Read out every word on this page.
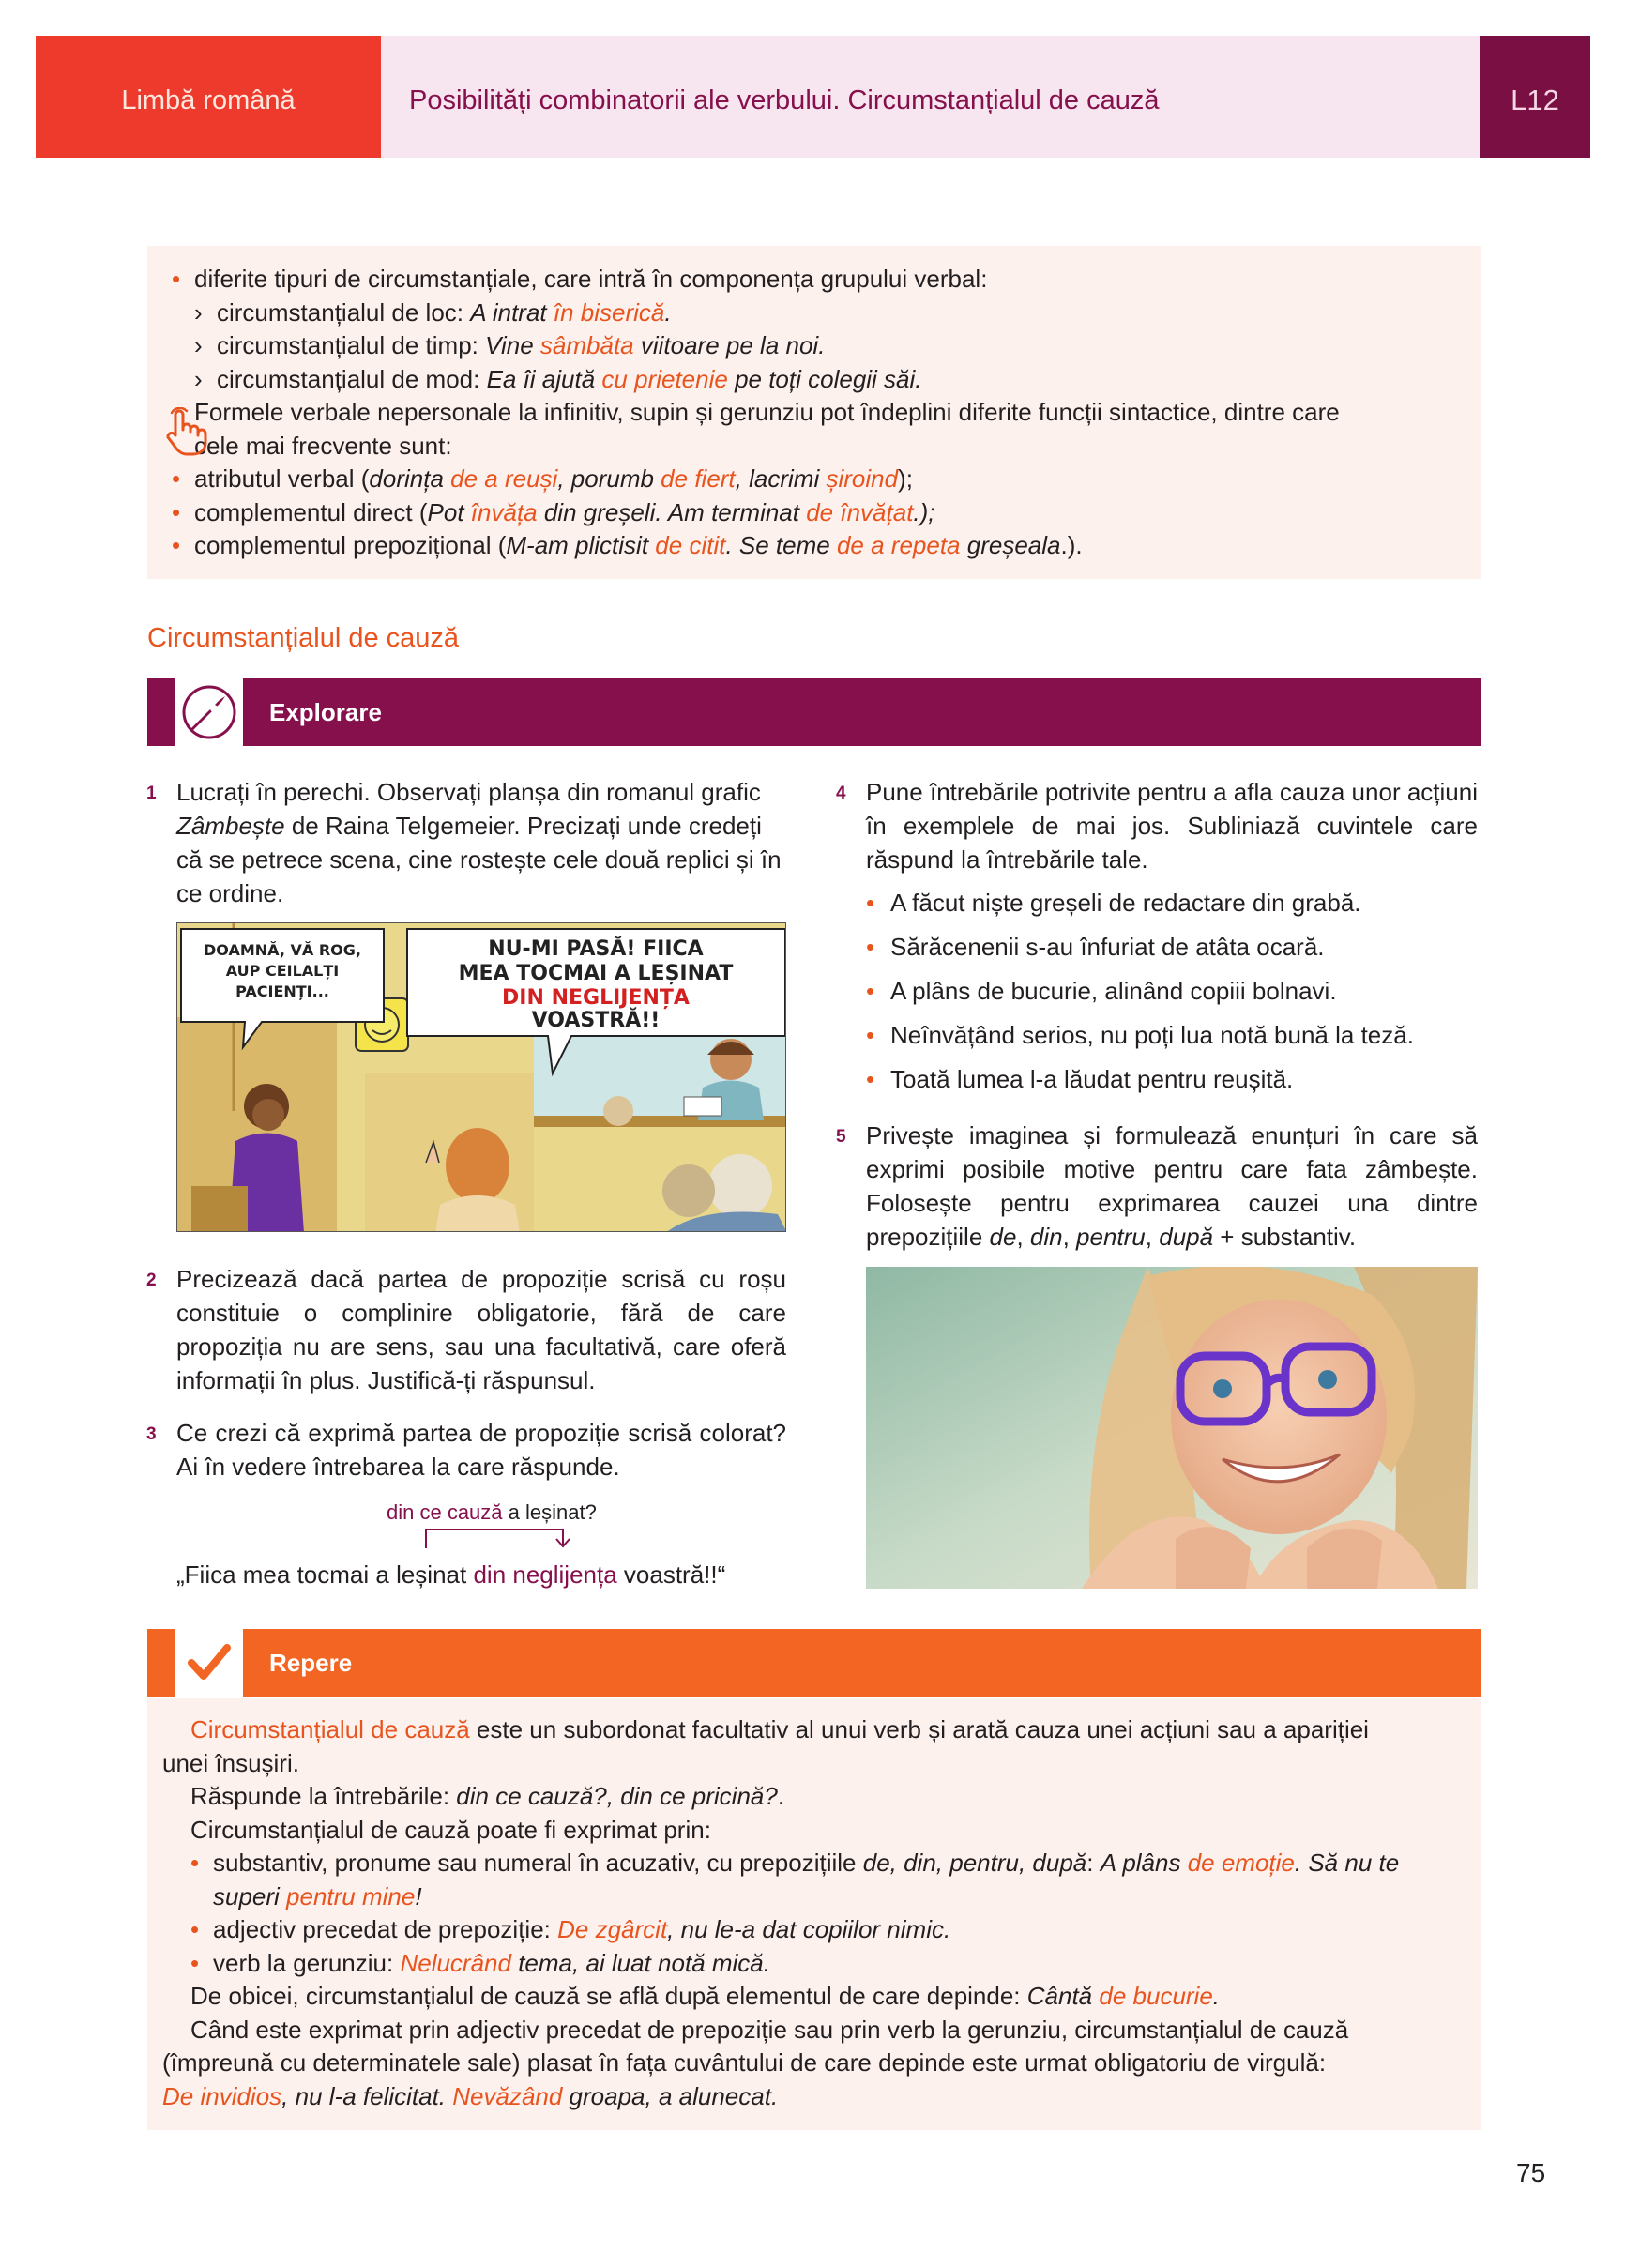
Limbă română	Posibilități combinatorii ale verbului. Circumstanțialul de cauză	L12
• diferite tipuri de circumstanțiale, care intră în componența grupului verbal:
› circumstanțialul de loc: A intrat în biserică.
› circumstanțialul de timp: Vine sâmbăta viitoare pe la noi.
› circumstanțialul de mod: Ea îi ajută cu prietenie pe toți colegii săi.
Formele verbale nepersonale la infinitiv, supin și gerunziu pot îndeplini diferite funcții sintactice, dintre care
cele mai frecvente sunt:
• atributul verbal (dorința de a reuși, porumb de fiert, lacrimi șiroind);
• complementul direct (Pot învăța din greșeli. Am terminat de învățat.);
• complementul prepozițional (M-am plictisit de citit. Se teme de a repeta greșeala.).
Circumstanțialul de cauză
Explorare
1 Lucrați în perechi. Observați planșa din romanul grafic Zâmbește de Raina Telgemeier. Precizați unde credeți că se petrece scena, cine rostește cele două replici și în ce ordine.

DOAMNĂ, VĂ ROG,
AUP CEILALȚI
PACIENȚI...
NU-MI PASĂ! FIICA
MEA TOCMAI A LEȘINAT
DIN NEGLIJENȚA
VOASTRĂ!!
2 Precizează dacă partea de propoziție scrisă cu roșu constituie o complinire obligatorie, fără de care propoziția nu are sens, sau una facultativă, care oferă informații în plus. Justifică-ți răspunsul.

3 Ce crezi că exprimă partea de propoziție scrisă colorat? Ai în vedere întrebarea la care răspunde.

din ce cauză a leșinat?
„Fiica mea tocmai a leșinat din neglijența voastră!!“
4 Pune întrebările potrivite pentru a afla cauza unor acțiuni în exemplele de mai jos. Subliniază cuvintele care răspund la întrebările tale.

• A făcut niște greșeli de redactare din grabă.
• Sărăcenenii s-au înfuriat de atâta ocară.
• A plâns de bucurie, alinând copiii bolnavi.
• Neînvățând serios, nu poți lua notă bună la teză.
• Toată lumea l-a lăudat pentru reușită.
5 Privește imaginea și formulează enunțuri în care să exprimi posibile motive pentru care fata zâmbește. Folosește pentru exprimarea cauzei una dintre prepozițiile de, din, pentru, după + substantiv.

Repere
Circumstanțialul de cauză este un subordonat facultativ al unui verb și arată cauza unei acțiuni sau a apariției
unei însușiri.
Răspunde la întrebările: din ce cauză?, din ce pricină?.
Circumstanțialul de cauză poate fi exprimat prin:
• substantiv, pronume sau numeral în acuzativ, cu prepozițiile de, din, pentru, după: A plâns de emoție. Să nu te
superi pentru mine!
• adjectiv precedat de prepoziție: De zgârcit, nu le-a dat copiilor nimic.
• verb la gerunziu: Nelucrând tema, ai luat notă mică.
De obicei, circumstanțialul de cauză se află după elementul de care depinde: Cântă de bucurie.
Când este exprimat prin adjectiv precedat de prepoziție sau prin verb la gerunziu, circumstanțialul de cauză
(împreună cu determinatele sale) plasat în fața cuvântului de care depinde este urmat obligatoriu de virgulă:
De invidios, nu l-a felicitat. Nevăzând groapa, a alunecat.
75
